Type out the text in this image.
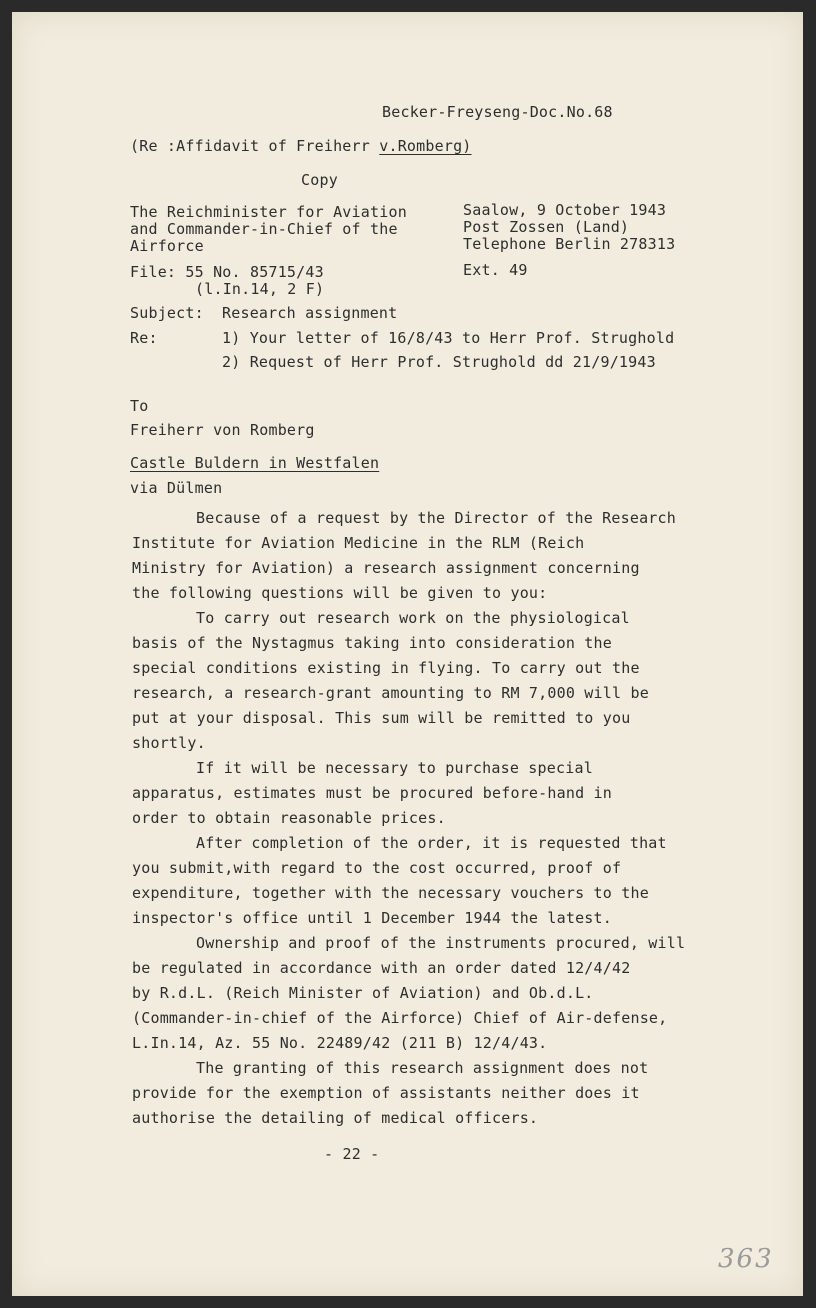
Becker-Freyseng-Doc.No.68
(Re :Affidavit of Freiherr v.Romberg)
Copy
The Reichminister for Aviation
and Commander-in-Chief of the
Airforce
Saalow, 9 October 1943
Post Zossen (Land)
Telephone Berlin 278313
Ext. 49
File: 55 No. 85715/43
(l.In.14, 2 F)
Subject: Research assignment
Re:	1) Your letter of 16/8/43 to Herr Prof. Strughold
2) Request of Herr Prof. Strughold dd 21/9/1943
To
Freiherr von Romberg
Castle Buldern in Westfalen
via Dülmen
Because of a request by the Director of the Research
Institute for Aviation Medicine in the RLM (Reich
Ministry for Aviation) a research assignment concerning
the following questions will be given to you:
To carry out research work on the physiological
basis of the Nystagmus taking into consideration the
special conditions existing in flying. To carry out the
research, a research-grant amounting to RM 7,000 will be
put at your disposal. This sum will be remitted to you
shortly.
If it will be necessary to purchase special
apparatus, estimates must be procured before-hand in
order to obtain reasonable prices.
After completion of the order, it is requested that
you submit,with regard to the cost occurred, proof of
expenditure, together with the necessary vouchers to the
inspector's office until 1 December 1944 the latest.
Ownership and proof of the instruments procured, will
be regulated in accordance with an order dated 12/4/42
by R.d.L. (Reich Minister of Aviation) and Ob.d.L.
(Commander-in-chief of the Airforce) Chief of Air-defense,
L.In.14, Az. 55 No. 22489/42 (211 B) 12/4/43.
The granting of this research assignment does not
provide for the exemption of assistants neither does it
authorise the detailing of medical officers.
- 22 -
363
